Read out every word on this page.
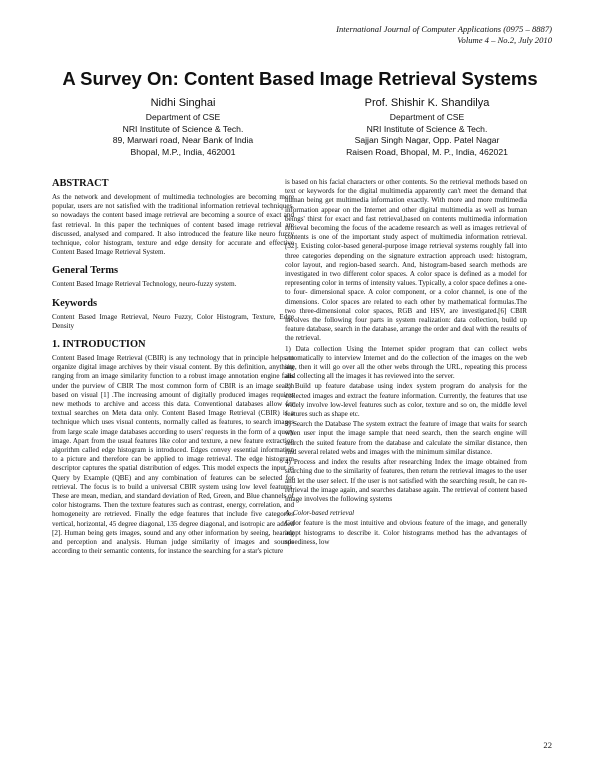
International Journal of Computer Applications (0975 – 8887)
Volume 4 – No.2, July 2010
A Survey On: Content Based Image Retrieval Systems
Nidhi Singhai
Department of CSE
NRI Institute of Science & Tech.
89, Marwari road, Near Bank of India
Bhopal, M.P., India, 462001
Prof. Shishir K. Shandilya
Department of CSE
NRI Institute of Science & Tech.
Sajjan Singh Nagar, Opp. Patel Nagar
Raisen Road, Bhopal, M. P., India, 462021
ABSTRACT

As the network and development of multimedia technologies are becoming more popular, users are not satisfied with the traditional information retrieval techniques. so nowadays the content based image retrieval are becoming a source of exact and fast retrieval. In this paper the techniques of content based image retrieval are discussed, analysed and compared. It also introduced the feature like neuro fuzzy technique, color histogram, texture and edge density for accurate and effective Content Based Image Retrieval System.

General Terms

Content Based Image Retrieval Technology, neuro-fuzzy system.

Keywords

Content Based Image Retrieval, Neuro Fuzzy, Color Histogram, Texture, Edge Density

1. INTRODUCTION

Content Based Image Retrieval (CBIR) is any technology that in principle helps to organize digital image archives by their visual content. By this definition, anything ranging from an image similarity function to a robust image annotation engine falls under the purview of CBIR The most common form of CBIR is an image search based on visual [1] .The increasing amount of digitally produced images requires new methods to archive and access this data. Conventional databases allow for textual searches on Meta data only. Content Based Image Retrieval (CBIR) is a technique which uses visual contents, normally called as features, to search images from large scale image databases according to users' requests in the form of a query image. Apart from the usual features like color and texture, a new feature extraction algorithm called edge histogram is introduced. Edges convey essential information to a picture and therefore can be applied to image retrieval. The edge histogram descriptor captures the spatial distribution of edges. This model expects the input as Query by Example (QBE) and any combination of features can be selected for retrieval. The focus is to build a universal CBIR system using low level features. These are mean, median, and standard deviation of Red, Green, and Blue channels of color histograms. Then the texture features such as contrast, energy, correlation, and homogeneity are retrieved. Finally the edge features that include five categories vertical, horizontal, 45 degree diagonal, 135 degree diagonal, and isotropic are added [2]. Human being gets images, sound and any other information by seeing, hearing and perception and analysis. Human judge similarity of images and sounds according to their semantic contents, for instance the searching for a star's picture

is based on his facial characters or other contents. So the retrieval methods based on text or keywords for the digital multimedia apparently can't meet the demand that human being get multimedia information exactly. With more and more multimedia information appear on the Internet and other digital multimedia as well as human beings' thirst for exact and fast retrieval,based on contents multimedia information retrieval becoming the focus of the academe research as well as images retrieval of contents is one of the important study aspect of multimedia information retrieval.[32]. Existing color-based general-purpose image retrieval systems roughly fall into three categories depending on the signature extraction approach used: histogram, color layout, and region-based search. And, histogram-based search methods are investigated in two different color spaces. A color space is defined as a model for representing color in terms of intensity values. Typically, a color space defines a one- to four- dimensional space. A color component, or a color channel, is one of the dimensions. Color spaces are related to each other by mathematical formulas.The two three-dimensional color spaces, RGB and HSV, are investigated.[6] CBIR involves the following four parts in system realization: data collection, build up feature database, search in the database, arrange the order and deal with the results of the retrieval.

1) Data collection Using the Internet spider program that can collect webs automatically to interview Internet and do the collection of the images on the web site, then it will go over all the other webs through the URL, repeating this process and collecting all the images it has reviewed into the server.

2) Build up feature database using index system program do analysis for the collected images and extract the feature information. Currently, the features that use widely involve low-level features such as color, texture and so on, the middle level features such as shape etc.

3) Search the Database The system extract the feature of image that waits for search when user input the image sample that need search, then the search engine will search the suited feature from the database and calculate the similar distance, then find several related webs and images with the minimum similar distance.

4) Process and index the results after researching Index the image obtained from searching due to the similarity of features, then return the retrieval images to the user and let the user select. If the user is not satisfied with the searching result, he can re-retrieval the image again, and searches database again. The retrieval of content based image involves the following systems

A. Color-based retrieval

Color feature is the most intuitive and obvious feature of the image, and generally adopt histograms to describe it. Color histograms method has the advantages of speediness, low

22
